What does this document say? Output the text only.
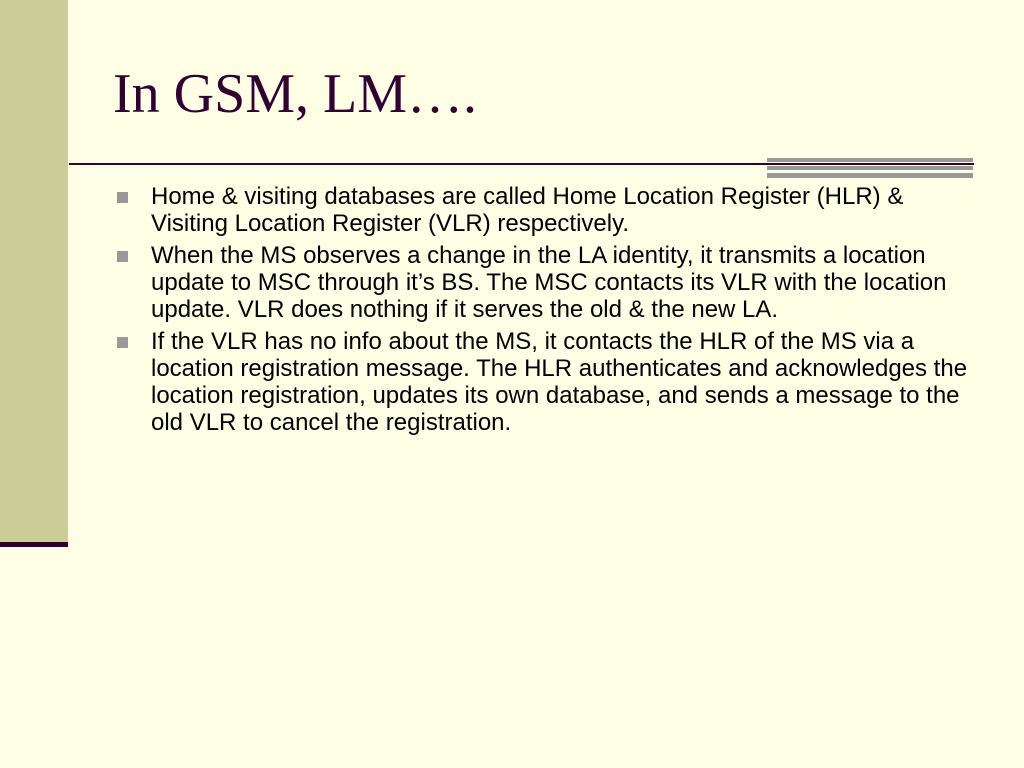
In GSM, LM….
Home & visiting databases are called Home Location Register (HLR) & Visiting Location Register (VLR) respectively.
When the MS observes a change in the LA identity, it transmits a location update to MSC through it’s BS. The MSC contacts its VLR with the location update. VLR does nothing if it serves the old & the new LA.
If the VLR has no info about the MS, it contacts the HLR of the MS via a location registration message. The HLR authenticates and acknowledges the location registration, updates its own database, and sends a message to the old VLR to cancel the registration.
